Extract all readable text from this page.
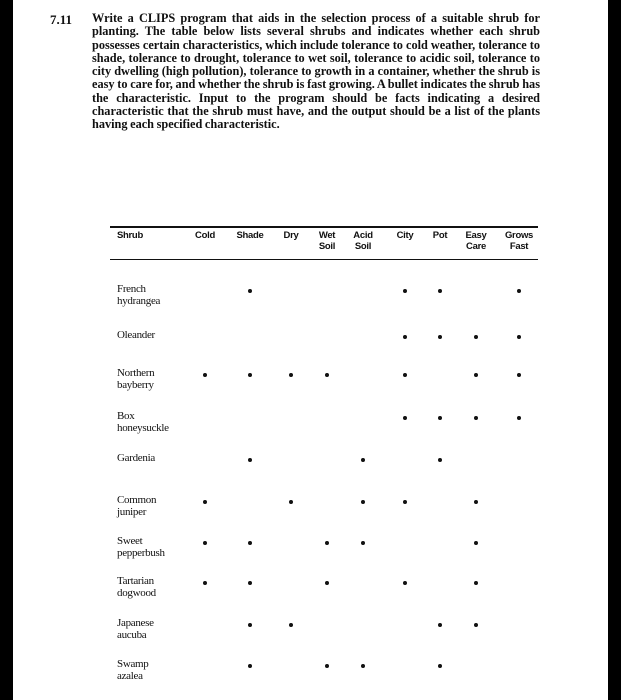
7.11 Write a CLIPS program that aids in the selection process of a suitable shrub for planting. The table below lists several shrubs and indicates whether each shrub possesses certain characteristics, which include tolerance to cold weather, tolerance to shade, tolerance to drought, tolerance to wet soil, tolerance to acidic soil, tolerance to city dwelling (high pollution), tolerance to growth in a container, whether the shrub is easy to care for, and whether the shrub is fast growing. A bullet indicates the shrub has the characteristic. Input to the program should be facts indicating a desired characteristic that the shrub must have, and the output should be a list of the plants having each specified characteristic.

Shrub	Cold Shade Dry Wet
Soil
Acid
Soil
City Pot Easy
Care
Grows
Fast
French
hydrangea
Oleander
Northern
bayberry
Box
honeysuckle
Gardenia
Common
juniper
Sweet
pepperbush
Tartarian
dogwood
Japanese
aucuba
Swamp
azalea
